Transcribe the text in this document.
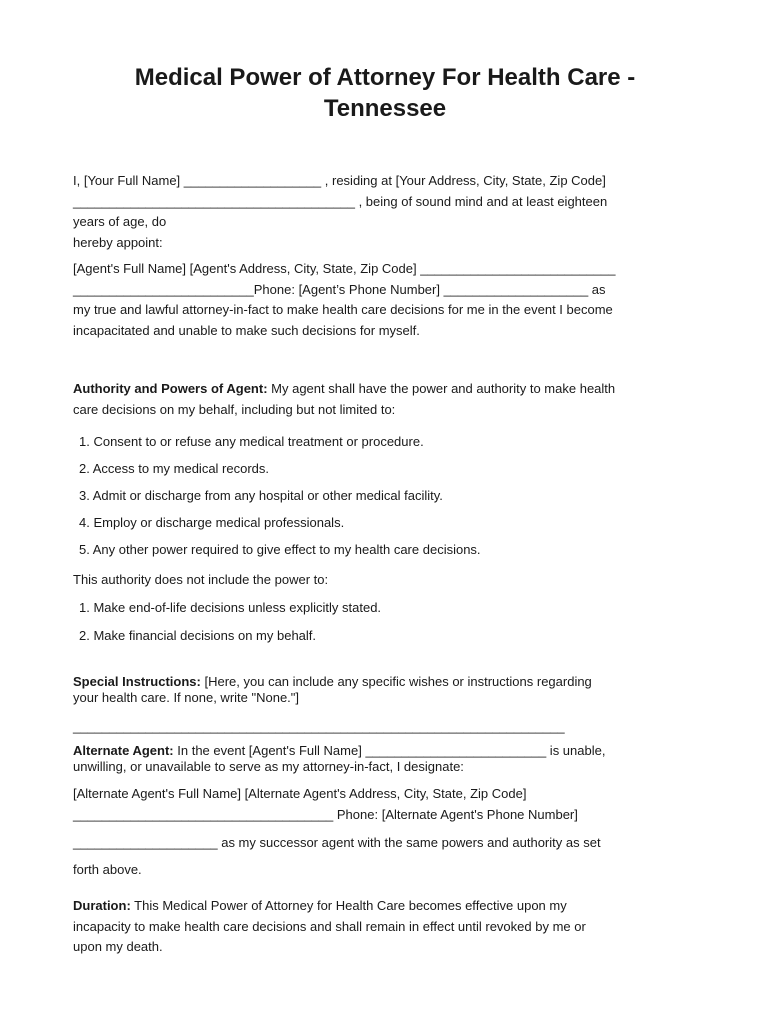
Medical Power of Attorney For Health Care -
Tennessee
I, [Your Full Name] ___________________ , residing at [Your Address, City, State, Zip Code]
_______________________________________ , being of sound mind and at least eighteen
years of age, do
hereby appoint:
[Agent's Full Name] [Agent's Address, City, State, Zip Code] ___________________________
_________________________Phone: [Agent’s Phone Number] ____________________ as
my true and lawful attorney-in-fact to make health care decisions for me in the event I become
incapacitated and unable to make such decisions for myself.
Authority and Powers of Agent: My agent shall have the power and authority to make health
care decisions on my behalf, including but not limited to:
1. Consent to or refuse any medical treatment or procedure.
2. Access to my medical records.
3. Admit or discharge from any hospital or other medical facility.
4. Employ or discharge medical professionals.
5. Any other power required to give effect to my health care decisions.
This authority does not include the power to:
1. Make end-of-life decisions unless explicitly stated.
2. Make financial decisions on my behalf.
Special Instructions: [Here, you can include any specific wishes or instructions regarding
your health care. If none, write "None."]
____________________________________________________________________
Alternate Agent: In the event [Agent's Full Name] _________________________ is unable,
unwilling, or unavailable to serve as my attorney-in-fact, I designate:
[Alternate Agent's Full Name] [Alternate Agent's Address, City, State, Zip Code]
____________________________________ Phone: [Alternate Agent's Phone Number]
____________________ as my successor agent with the same powers and authority as set
forth above.
Duration: This Medical Power of Attorney for Health Care becomes effective upon my
incapacity to make health care decisions and shall remain in effect until revoked by me or
upon my death.
